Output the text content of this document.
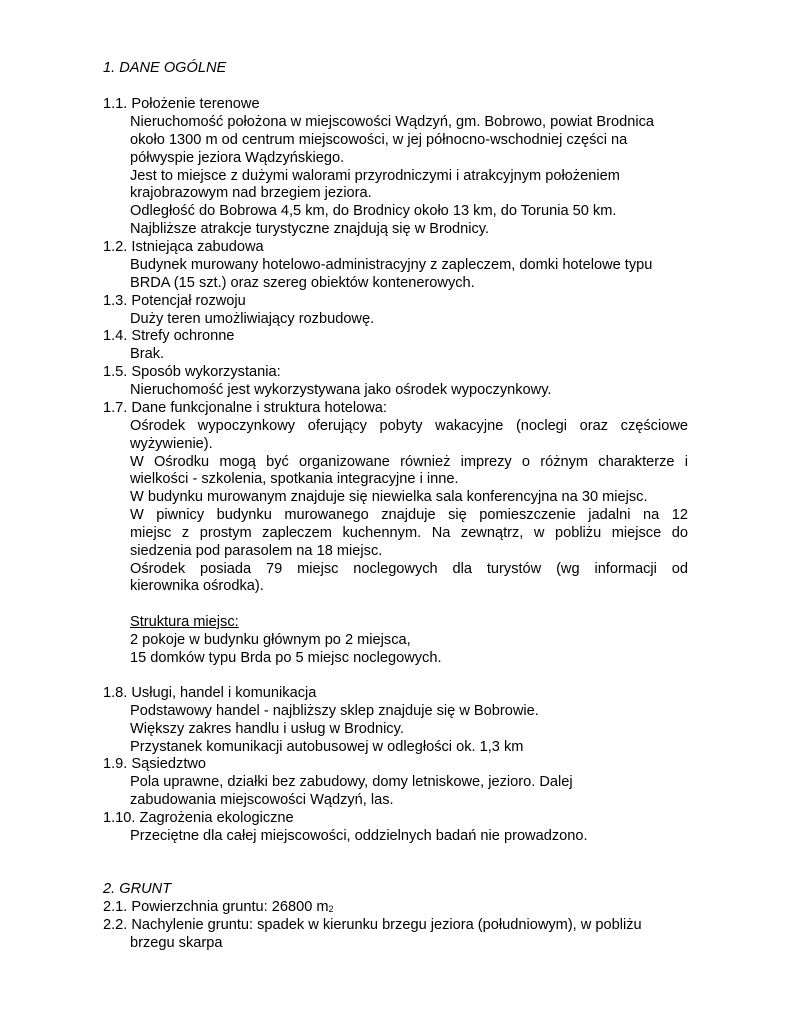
1. DANE OGÓLNE
1.1. Położenie terenowe
Nieruchomość położona w miejscowości Wądzyń, gm. Bobrowo, powiat Brodnica
około 1300 m od centrum miejscowości, w jej północno-wschodniej części na
półwyspie jeziora Wądzyńskiego.
Jest to miejsce z dużymi walorami przyrodniczymi i atrakcyjnym położeniem
krajobrazowym nad brzegiem jeziora.
Odległość do Bobrowa 4,5 km, do Brodnicy około 13 km, do Torunia 50 km.
Najbliższe atrakcje turystyczne znajdują się w Brodnicy.
1.2. Istniejąca zabudowa
Budynek murowany hotelowo-administracyjny z zapleczem, domki hotelowe typu
BRDA (15 szt.) oraz szereg obiektów kontenerowych.
1.3. Potencjał rozwoju
Duży teren umożliwiający rozbudowę.
1.4. Strefy ochronne
Brak.
1.5. Sposób wykorzystania:
Nieruchomość jest wykorzystywana jako ośrodek wypoczynkowy.
1.7. Dane funkcjonalne i struktura hotelowa:
Ośrodek wypoczynkowy oferujący pobyty wakacyjne (noclegi oraz częściowe
wyżywienie).
W Ośrodku mogą być organizowane również imprezy o różnym charakterze i
wielkości - szkolenia, spotkania integracyjne i inne.
W budynku murowanym znajduje się niewielka sala konferencyjna na 30 miejsc.
W piwnicy budynku murowanego znajduje się pomieszczenie jadalni na 12
miejsc z prostym zapleczem kuchennym. Na zewnątrz, w pobliżu miejsce do
siedzenia pod parasolem na 18 miejsc.
Ośrodek posiada 79 miejsc noclegowych dla turystów (wg informacji od
kierownika ośrodka).
Struktura miejsc:
2 pokoje w budynku głównym po 2 miejsca,
15 domków typu Brda po 5 miejsc noclegowych.
1.8. Usługi, handel i komunikacja
Podstawowy handel - najbliższy sklep znajduje się w Bobrowie.
Większy zakres handlu i usług w Brodnicy.
Przystanek komunikacji autobusowej w odległości ok. 1,3 km
1.9. Sąsiedztwo
Pola uprawne, działki bez zabudowy, domy letniskowe, jezioro. Dalej
zabudowania miejscowości Wądzyń, las.
1.10. Zagrożenia ekologiczne
Przeciętne dla całej miejscowości, oddzielnych badań nie prowadzono.
2. GRUNT
2.1. Powierzchnia gruntu: 26800 $m_2$
2.2. Nachylenie gruntu: spadek w kierunku brzegu jeziora (południowym), w pobliżu
brzegu skarpa
